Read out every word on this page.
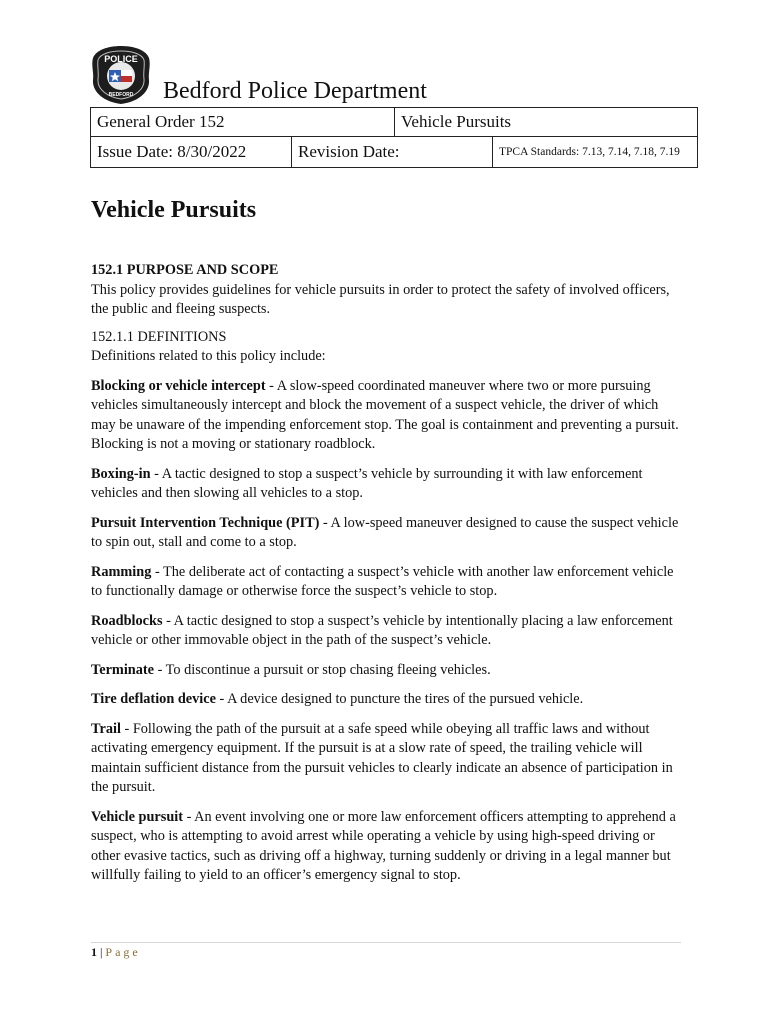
POLICE
BEDFORD Bedford Police Department
General Order 152		Vehicle Pursuits	
Issue Date: 8/30/2022	Revision Date:		TPCA Standards: 7.13, 7.14, 7.18, 7.19
Vehicle Pursuits

152.1 PURPOSE AND SCOPE
This policy provides guidelines for vehicle pursuits in order to protect the safety of involved officers, the public and fleeing suspects.

152.1.1 DEFINITIONS
Definitions related to this policy include:

Blocking or vehicle intercept - A slow-speed coordinated maneuver where two or more pursuing vehicles simultaneously intercept and block the movement of a suspect vehicle, the driver of which may be unaware of the impending enforcement stop. The goal is containment and preventing a pursuit. Blocking is not a moving or stationary roadblock.

Boxing-in - A tactic designed to stop a suspect’s vehicle by surrounding it with law enforcement vehicles and then slowing all vehicles to a stop.

Pursuit Intervention Technique (PIT) - A low-speed maneuver designed to cause the suspect vehicle to spin out, stall and come to a stop.

Ramming - The deliberate act of contacting a suspect’s vehicle with another law enforcement vehicle to functionally damage or otherwise force the suspect’s vehicle to stop.

Roadblocks - A tactic designed to stop a suspect’s vehicle by intentionally placing a law enforcement vehicle or other immovable object in the path of the suspect’s vehicle.

Terminate - To discontinue a pursuit or stop chasing fleeing vehicles.

Tire deflation device - A device designed to puncture the tires of the pursued vehicle.

Trail - Following the path of the pursuit at a safe speed while obeying all traffic laws and without activating emergency equipment. If the pursuit is at a slow rate of speed, the trailing vehicle will maintain sufficient distance from the pursuit vehicles to clearly indicate an absence of participation in the pursuit.

Vehicle pursuit - An event involving one or more law enforcement officers attempting to apprehend a suspect, who is attempting to avoid arrest while operating a vehicle by using high-speed driving or other evasive tactics, such as driving off a highway, turning suddenly or driving in a legal manner but willfully failing to yield to an officer’s emergency signal to stop.

1 | Page
